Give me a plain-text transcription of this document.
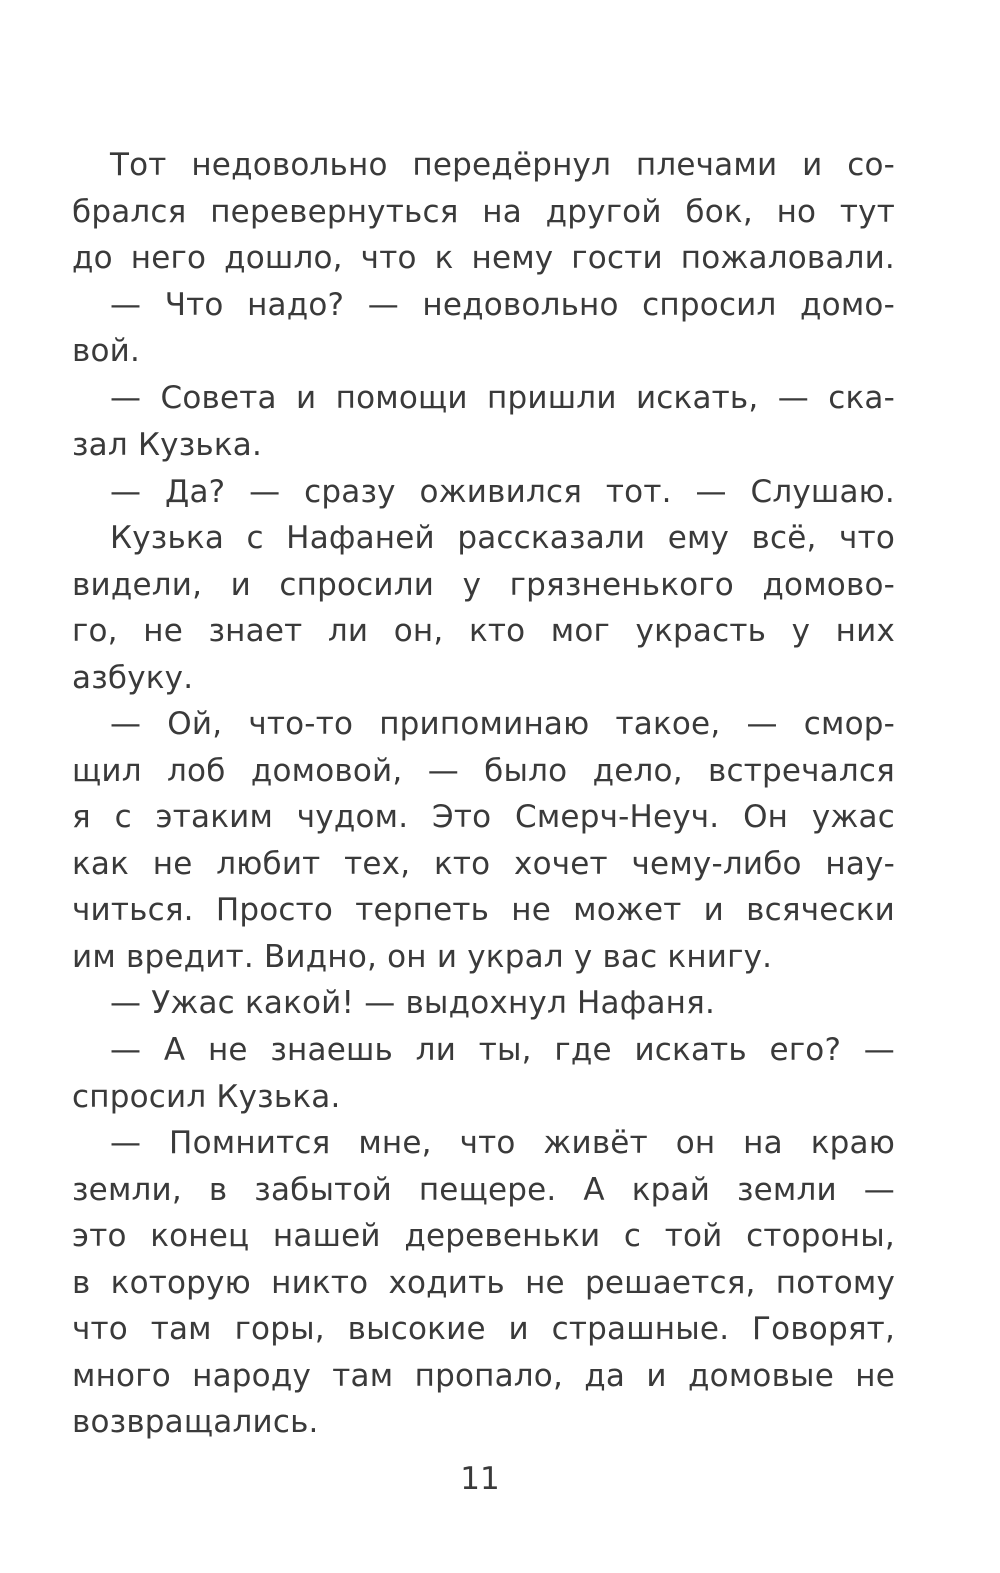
Тот недовольно передёрнул плечами и со-
брался перевернуться на другой бок, но тут
до него дошло, что к нему гости пожаловали.
— Что надо? — недовольно спросил домо-
вой.
— Совета и помощи пришли искать, — ска-
зал Кузька.
— Да? — сразу оживился тот. — Слушаю.
Кузька с Нафаней рассказали ему всё, что
видели, и спросили у грязненького домово-
го, не знает ли он, кто мог украсть у них
азбуку.
— Ой, что-то припоминаю такое, — смор-
щил лоб домовой, — было дело, встречался
я с этаким чудом. Это Смерч-Неуч. Он ужас
как не любит тех, кто хочет чему-либо нау-
читься. Просто терпеть не может и всячески
им вредит. Видно, он и украл у вас книгу.
— Ужас какой! — выдохнул Нафаня.
— А не знаешь ли ты, где искать его? —
спросил Кузька.
— Помнится мне, что живёт он на краю
земли, в забытой пещере. А край земли —
это конец нашей деревеньки с той стороны,
в которую никто ходить не решается, потому
что там горы, высокие и страшные. Говорят,
много народу там пропало, да и домовые не
возвращались.
11
